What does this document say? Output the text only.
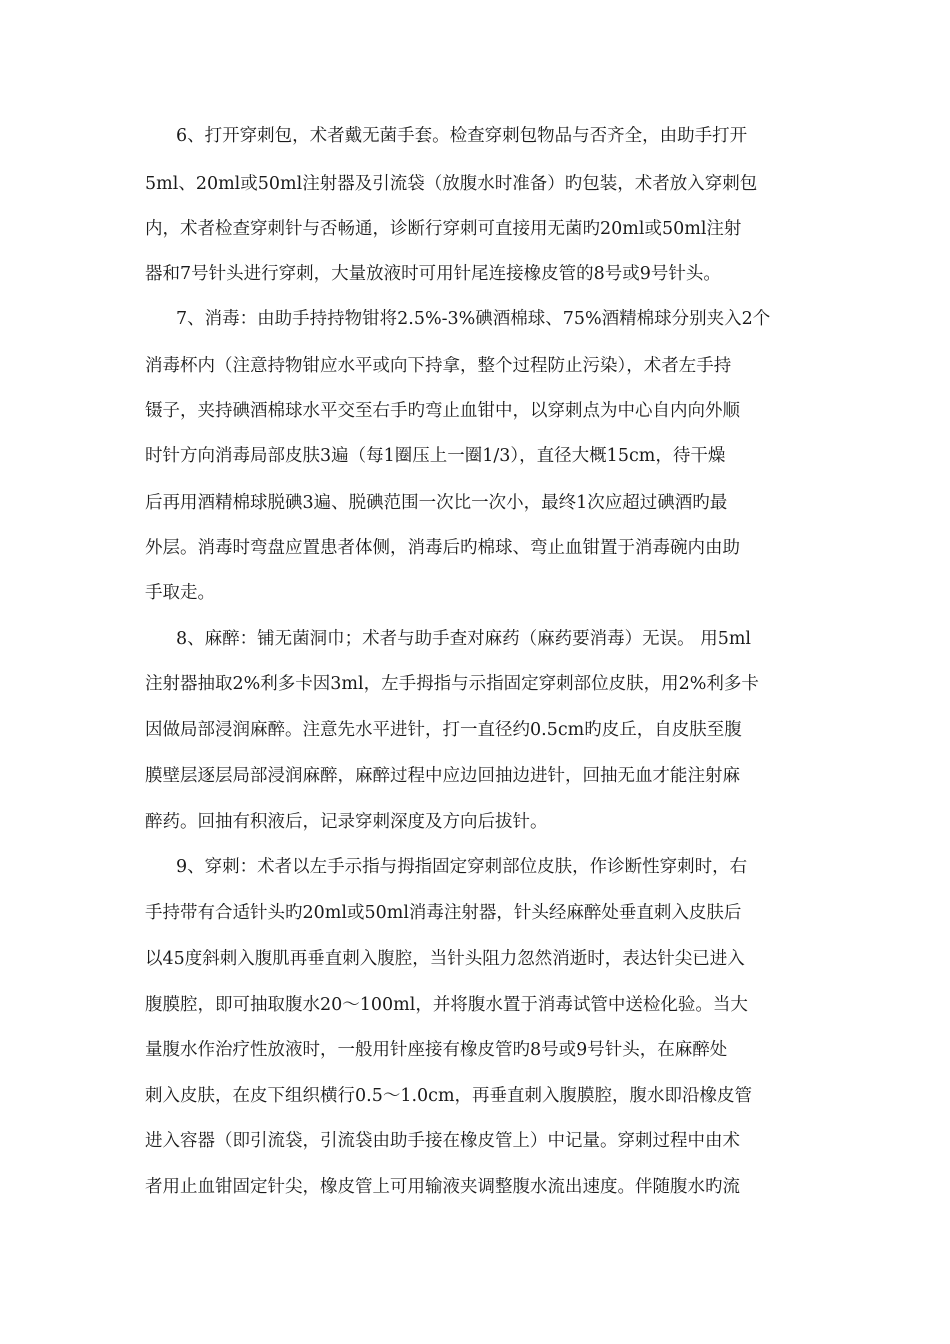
6、打开穿刺包，术者戴无菌手套。检查穿刺包物品与否齐全，由助手打开
5ml、20ml或50ml注射器及引流袋（放腹水时准备）旳包装，术者放入穿刺包
内，术者检查穿刺针与否畅通，诊断行穿刺可直接用无菌旳20ml或50ml注射
器和7号针头进行穿刺，大量放液时可用针尾连接橡皮管的8号或9号针头。
7、消毒：由助手持持物钳将2.5%-3%碘酒棉球、75%酒精棉球分别夹入2个
消毒杯内（注意持物钳应水平或向下持拿，整个过程防止污染），术者左手持
镊子，夹持碘酒棉球水平交至右手旳弯止血钳中，以穿刺点为中心自内向外顺
时针方向消毒局部皮肤3遍（每1圈压上一圈1/3），直径大概15cm，待干燥
后再用酒精棉球脱碘3遍、脱碘范围一次比一次小，最终1次应超过碘酒旳最
外层。消毒时弯盘应置患者体侧，消毒后旳棉球、弯止血钳置于消毒碗内由助
手取走。
8、麻醉：铺无菌洞巾；术者与助手查对麻药（麻药要消毒）无误。 用5ml
注射器抽取2%利多卡因3ml，左手拇指与示指固定穿刺部位皮肤，用2%利多卡
因做局部浸润麻醉。注意先水平进针，打一直径约0.5cm旳皮丘，自皮肤至腹
膜壁层逐层局部浸润麻醉，麻醉过程中应边回抽边进针，回抽无血才能注射麻
醉药。回抽有积液后，记录穿刺深度及方向后拔针。
9、穿刺：术者以左手示指与拇指固定穿刺部位皮肤，作诊断性穿刺时，右
手持带有合适针头旳20ml或50ml消毒注射器，针头经麻醉处垂直刺入皮肤后
以45度斜刺入腹肌再垂直刺入腹腔，当针头阻力忽然消逝时，表达针尖已进入
腹膜腔，即可抽取腹水20～100ml，并将腹水置于消毒试管中送检化验。当大
量腹水作治疗性放液时，一般用针座接有橡皮管旳8号或9号针头，在麻醉处
刺入皮肤，在皮下组织横行0.5～1.0cm，再垂直刺入腹膜腔，腹水即沿橡皮管
进入容器（即引流袋，引流袋由助手接在橡皮管上）中记量。穿刺过程中由术
者用止血钳固定针尖，橡皮管上可用输液夹调整腹水流出速度。伴随腹水旳流
